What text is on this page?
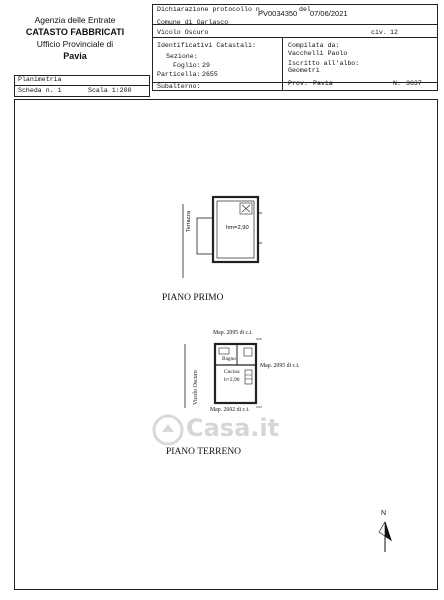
Agenzia delle Entrate
CATASTO FABBRICATI
Ufficio Provinciale di
Pavia
Dichiarazione protocollo n.
PV0034350 del 07/06/2021
Comune di Garlasco
Vicolo Oscuro	civ. 12
Identificativi Catastali:
Sezione:
Foglio: 29
Particella: 2655
Subalterno:
Compilata da:
Vacchelli Paolo
Iscritto all'albo:
Geometri
Prov. Pavia	N. 3637
Planimetria
Scheda n. 1	Scala 1:200
Casa.it
Terrazza	hm=2,90
PIANO PRIMO
Map. 2095 di c.t.
Map. 2095 di c.t.
Map. 2602 di c.t.
Vicolo Oscuro
Bagno
Cucina
h=2,90
PIANO TERRENO
N
